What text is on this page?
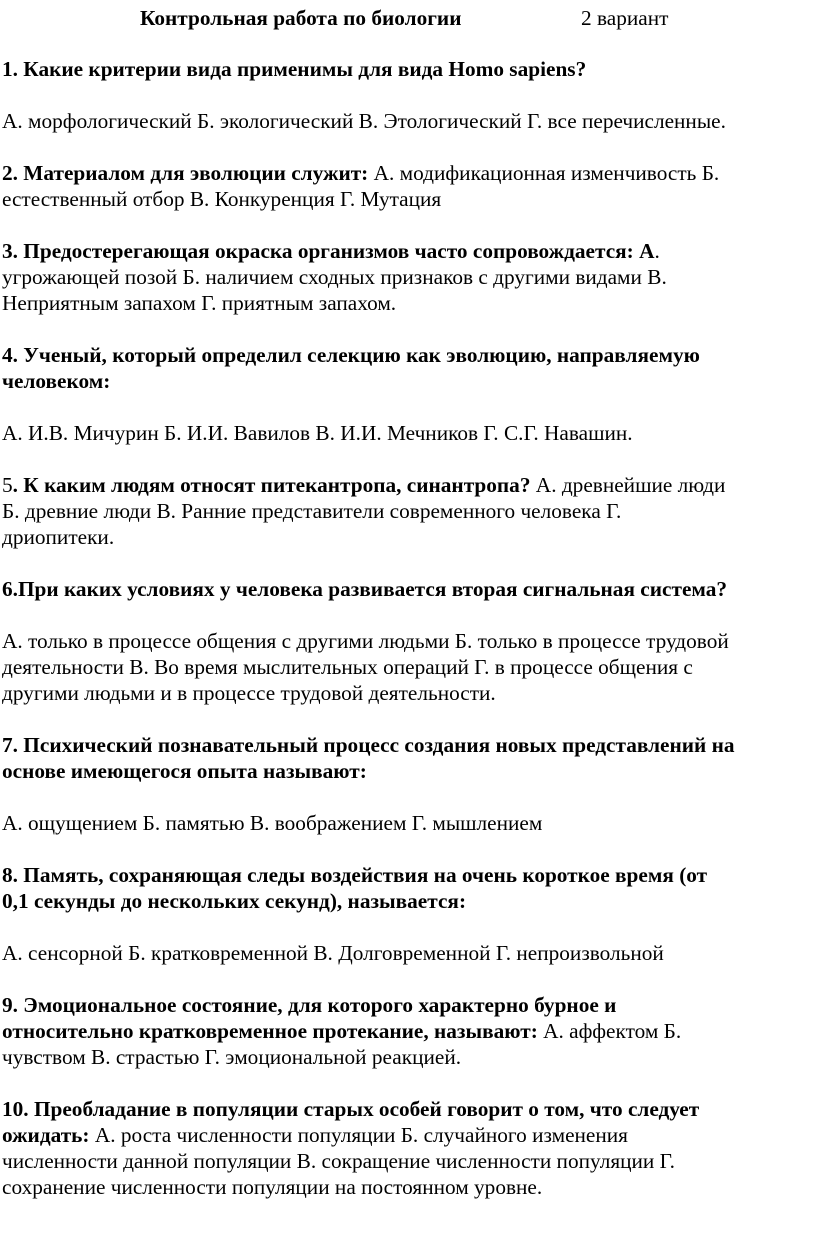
Контрольная работа по биологии	2 вариант
1. Какие критерии вида применимы для вида Homo sapiens?
А. морфологический Б. экологический В. Этологический Г. все перечисленные.
2. Материалом для эволюции служит: А. модификационная изменчивость Б.
естественный отбор В. Конкуренция Г. Мутация
3. Предостерегающая окраска организмов часто сопровождается: А.
угрожающей позой Б. наличием сходных признаков с другими видами В.
Неприятным запахом Г. приятным запахом.
4. Ученый, который определил селекцию как эволюцию, направляемую
человеком:
А. И.В. Мичурин Б. И.И. Вавилов В. И.И. Мечников Г. С.Г. Навашин.
5. К каким людям относят питекантропа, синантропа? А. древнейшие люди
Б. древние люди В. Ранние представители современного человека Г.
дриопитеки.
6.При каких условиях у человека развивается вторая сигнальная система?
А. только в процессе общения с другими людьми Б. только в процессе трудовой
деятельности В. Во время мыслительных операций Г. в процессе общения с
другими людьми и в процессе трудовой деятельности.
7. Психический познавательный процесс создания новых представлений на
основе имеющегося опыта называют:
А. ощущением Б. памятью В. воображением Г. мышлением
8. Память, сохраняющая следы воздействия на очень короткое время (от
0,1 секунды до нескольких секунд), называется:
А. сенсорной Б. кратковременной В. Долговременной Г. непроизвольной
9. Эмоциональное состояние, для которого характерно бурное и
относительно кратковременное протекание, называют: А. аффектом Б.
чувством В. страстью Г. эмоциональной реакцией.
10. Преобладание в популяции старых особей говорит о том, что следует
ожидать: А. роста численности популяции Б. случайного изменения
численности данной популяции В. сокращение численности популяции Г.
сохранение численности популяции на постоянном уровне.
